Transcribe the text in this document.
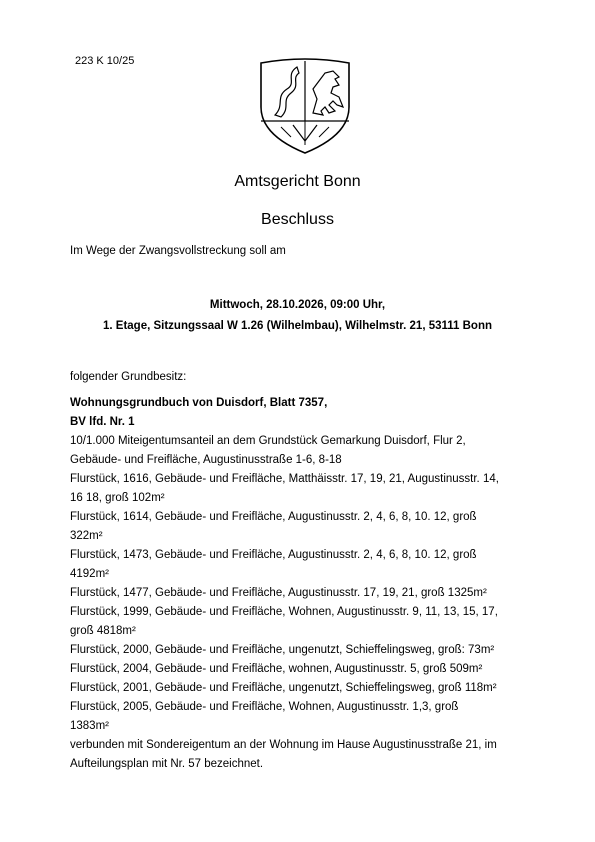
223 K 10/25
Amtsgericht Bonn
Beschluss
Im Wege der Zwangsvollstreckung soll am
Mittwoch, 28.10.2026, 09:00 Uhr,
1. Etage, Sitzungssaal W 1.26 (Wilhelmbau), Wilhelmstr. 21, 53111 Bonn
folgender Grundbesitz:
Wohnungsgrundbuch von Duisdorf, Blatt 7357,
BV lfd. Nr. 1
10/1.000 Miteigentumsanteil an dem Grundstück Gemarkung Duisdorf, Flur 2,
Gebäude- und Freifläche, Augustinusstraße 1-6, 8-18
Flurstück, 1616, Gebäude- und Freifläche, Matthäisstr. 17, 19, 21, Augustinusstr. 14,
16 18, groß 102m²
Flurstück, 1614, Gebäude- und Freifläche, Augustinusstr. 2, 4, 6, 8, 10. 12, groß
322m²
Flurstück, 1473, Gebäude- und Freifläche, Augustinusstr. 2, 4, 6, 8, 10. 12, groß
4192m²
Flurstück, 1477, Gebäude- und Freifläche, Augustinusstr. 17, 19, 21, groß 1325m²
Flurstück, 1999, Gebäude- und Freifläche, Wohnen, Augustinusstr. 9, 11, 13, 15, 17,
groß 4818m²
Flurstück, 2000, Gebäude- und Freifläche, ungenutzt, Schieffelingsweg, groß: 73m²
Flurstück, 2004, Gebäude- und Freifläche, wohnen, Augustinusstr. 5, groß 509m²
Flurstück, 2001, Gebäude- und Freifläche, ungenutzt, Schieffelingsweg, groß 118m²
Flurstück, 2005, Gebäude- und Freifläche, Wohnen, Augustinusstr. 1,3, groß
1383m²
verbunden mit Sondereigentum an der Wohnung im Hause Augustinusstraße 21, im
Aufteilungsplan mit Nr. 57 bezeichnet.
